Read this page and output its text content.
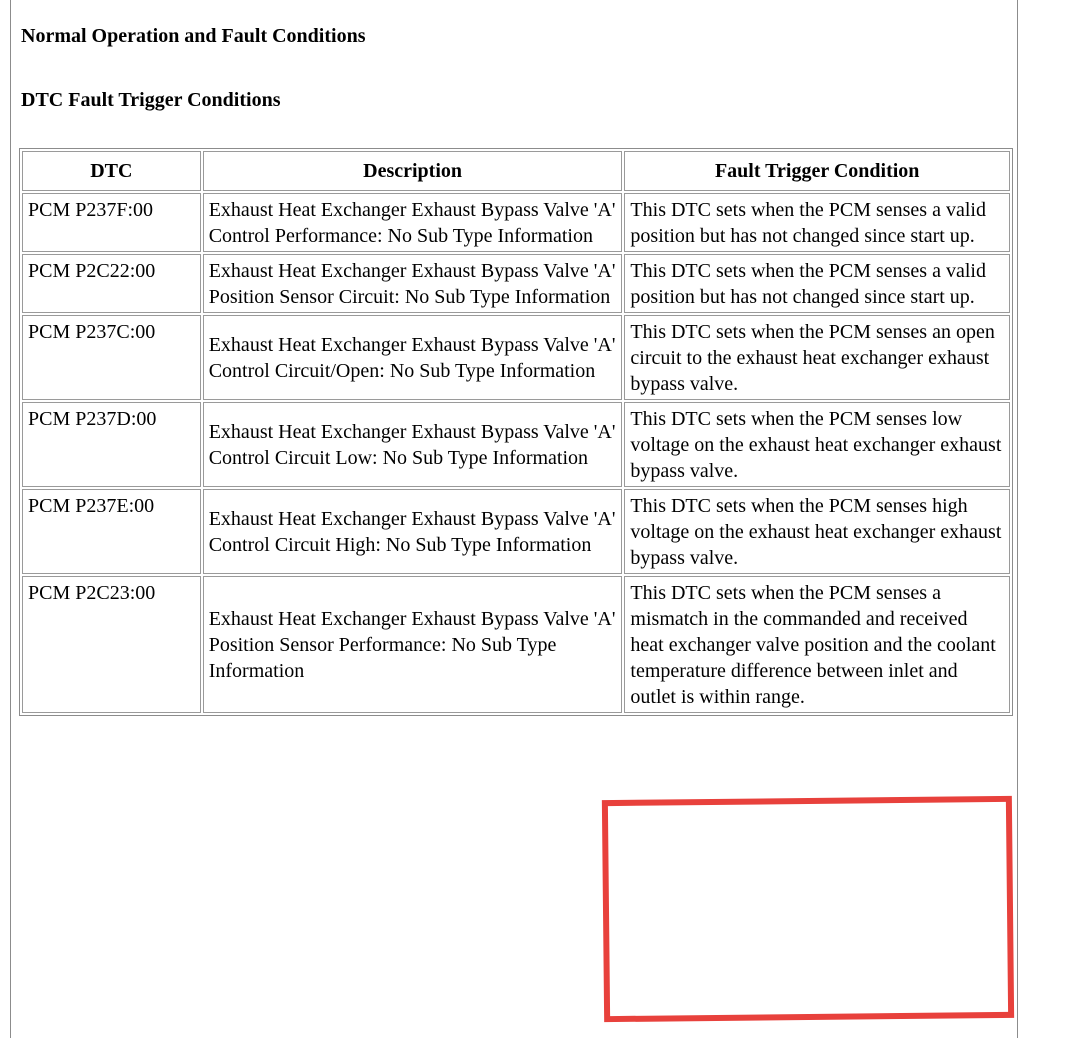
Normal Operation and Fault Conditions
DTC Fault Trigger Conditions
DTC	Description	Fault Trigger Condition
PCM P237F:00	Exhaust Heat Exchanger Exhaust Bypass Valve 'A' Control Performance: No Sub Type Information	This DTC sets when the PCM senses a valid position but has not changed since start up.
PCM P2C22:00	Exhaust Heat Exchanger Exhaust Bypass Valve 'A' Position Sensor Circuit: No Sub Type Information	This DTC sets when the PCM senses a valid position but has not changed since start up.
PCM P237C:00	Exhaust Heat Exchanger Exhaust Bypass Valve 'A' Control Circuit/Open: No Sub Type Information	This DTC sets when the PCM senses an open circuit to the exhaust heat exchanger exhaust bypass valve.
PCM P237D:00	Exhaust Heat Exchanger Exhaust Bypass Valve 'A' Control Circuit Low: No Sub Type Information	This DTC sets when the PCM senses low voltage on the exhaust heat exchanger exhaust bypass valve.
PCM P237E:00	Exhaust Heat Exchanger Exhaust Bypass Valve 'A' Control Circuit High: No Sub Type Information	This DTC sets when the PCM senses high voltage on the exhaust heat exchanger exhaust bypass valve.
PCM P2C23:00	Exhaust Heat Exchanger Exhaust Bypass Valve 'A' Position Sensor Performance: No Sub Type Information	This DTC sets when the PCM senses a mismatch in the commanded and received heat exchanger valve position and the coolant temperature difference between inlet and outlet is within range.
